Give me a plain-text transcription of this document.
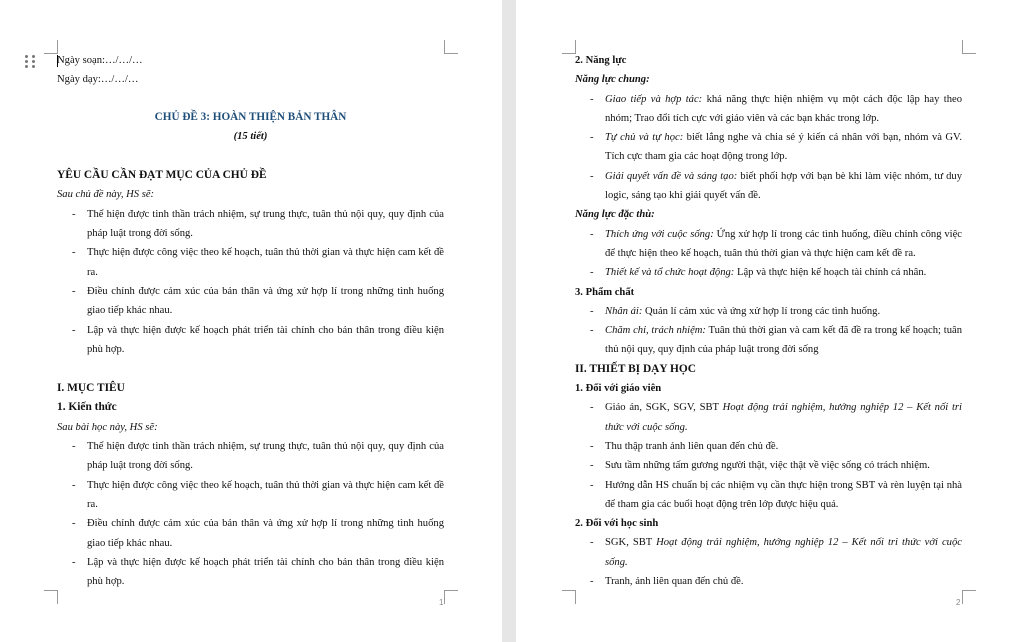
Ngày soạn:…/…/…

Ngày dạy:…/…/…

CHỦ ĐỀ 3: HOÀN THIỆN BẢN THÂN

(15 tiết)

YÊU CẦU CẦN ĐẠT MỤC CỦA CHỦ ĐỀ

Sau chủ đề này, HS sẽ:

- Thể hiện được tinh thần trách nhiệm, sự trung thực, tuân thủ nội quy, quy định của pháp luật trong đời sống.
- Thực hiện được công việc theo kế hoạch, tuân thủ thời gian và thực hiện cam kết đề ra.
- Điều chỉnh được cảm xúc của bản thân và ứng xử hợp lí trong những tình huống giao tiếp khác nhau.
- Lập và thực hiện được kế hoạch phát triển tài chính cho bản thân trong điều kiện phù hợp.

I. MỤC TIÊU

1. Kiến thức

Sau bài học này, HS sẽ:

- Thể hiện được tinh thần trách nhiệm, sự trung thực, tuân thủ nội quy, quy định của pháp luật trong đời sống.
- Thực hiện được công việc theo kế hoạch, tuân thủ thời gian và thực hiện cam kết đề ra.
- Điều chỉnh được cảm xúc của bản thân và ứng xử hợp lí trong những tình huống giao tiếp khác nhau.
- Lập và thực hiện được kế hoạch phát triển tài chính cho bản thân trong điều kiện phù hợp.
1	2

2. Năng lực

Năng lực chung:

- Giao tiếp và hợp tác: khả năng thực hiện nhiệm vụ một cách độc lập hay theo nhóm; Trao đổi tích cực với giáo viên và các bạn khác trong lớp.
- Tự chủ và tự học: biết lắng nghe và chia sẻ ý kiến cá nhân với bạn, nhóm và GV. Tích cực tham gia các hoạt động trong lớp.
- Giải quyết vấn đề và sáng tạo: biết phối hợp với bạn bè khi làm việc nhóm, tư duy logic, sáng tạo khi giải quyết vấn đề.

Năng lực đặc thù:

- Thích ứng với cuộc sống: Ứng xử hợp lí trong các tình huống, điều chỉnh công việc để thực hiện theo kế hoạch, tuân thủ thời gian và thực hiện cam kết đề ra.
- Thiết kế và tổ chức hoạt động: Lập và thực hiện kế hoạch tài chính cá nhân.

3. Phẩm chất

- Nhân ái: Quản lí cảm xúc và ứng xử hợp lí trong các tình huống.
- Chăm chỉ, trách nhiệm: Tuân thủ thời gian và cam kết đã đề ra trong kế hoạch; tuân thủ nội quy, quy định của pháp luật trong đời sống

II. THIẾT BỊ DẠY HỌC

1. Đối với giáo viên

- Giáo án, SGK, SGV, SBT Hoạt động trải nghiệm, hướng nghiệp 12 – Kết nối tri thức với cuộc sống.
- Thu thập tranh ảnh liên quan đến chủ đề.
- Sưu tầm những tấm gương người thật, việc thật về việc sống có trách nhiệm.
- Hướng dẫn HS chuẩn bị các nhiệm vụ cần thực hiện trong SBT và rèn luyện tại nhà để tham gia các buổi hoạt động trên lớp được hiệu quả.

2. Đối với học sinh

- SGK, SBT Hoạt động trải nghiệm, hướng nghiệp 12 – Kết nối tri thức với cuộc sống.
- Tranh, ảnh liên quan đến chủ đề.
